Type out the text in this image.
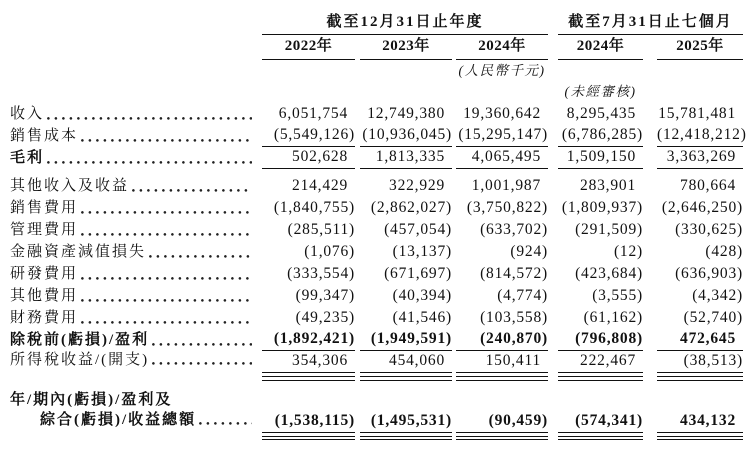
截至12月31日止年度	截至7月31日止七個月
2022年	2023年	2024年	2024年	2025年
(人民幣千元)
(未經審核)
收入	6,051,754	12,749,380	19,360,642	8,295,435	15,781,481
銷售成本	(5,549,126) (10,936,045) (15,295,147) (6,786,285) (12,418,212)
毛利	502,628	1,813,335	4,065,495	1,509,150	3,363,269
其他收入及收益	214,429	322,929	1,001,987	283,901	780,664
銷售費用	(1,840,755)	(2,862,027) (3,750,822) (1,809,937)	(2,646,250)
管理費用	(285,511)	(457,054)	(633,702)	(291,509)	(330,625)
金融資產減值損失	(1,076)	(13,137)	(924)	(12)	(428)
研發費用	(333,554)	(671,697)	(814,572)	(423,684)	(636,903)
其他費用	(99,347)	(40,394)	(4,774)	(3,555)	(4,342)
財務費用	(49,235)	(41,546)	(103,558)	(61,162)	(52,740)
除稅前(虧損)/盈利	(1,892,421)	(1,949,591)	(240,870)	(796,808)	472,645
所得稅收益/(開支)	354,306	454,060	150,411	222,467	(38,513)
年/期內(虧損)/盈利及
綜合(虧損)/收益總額	(1,538,115)	(1,495,531)	(90,459)	(574,341)	434,132
